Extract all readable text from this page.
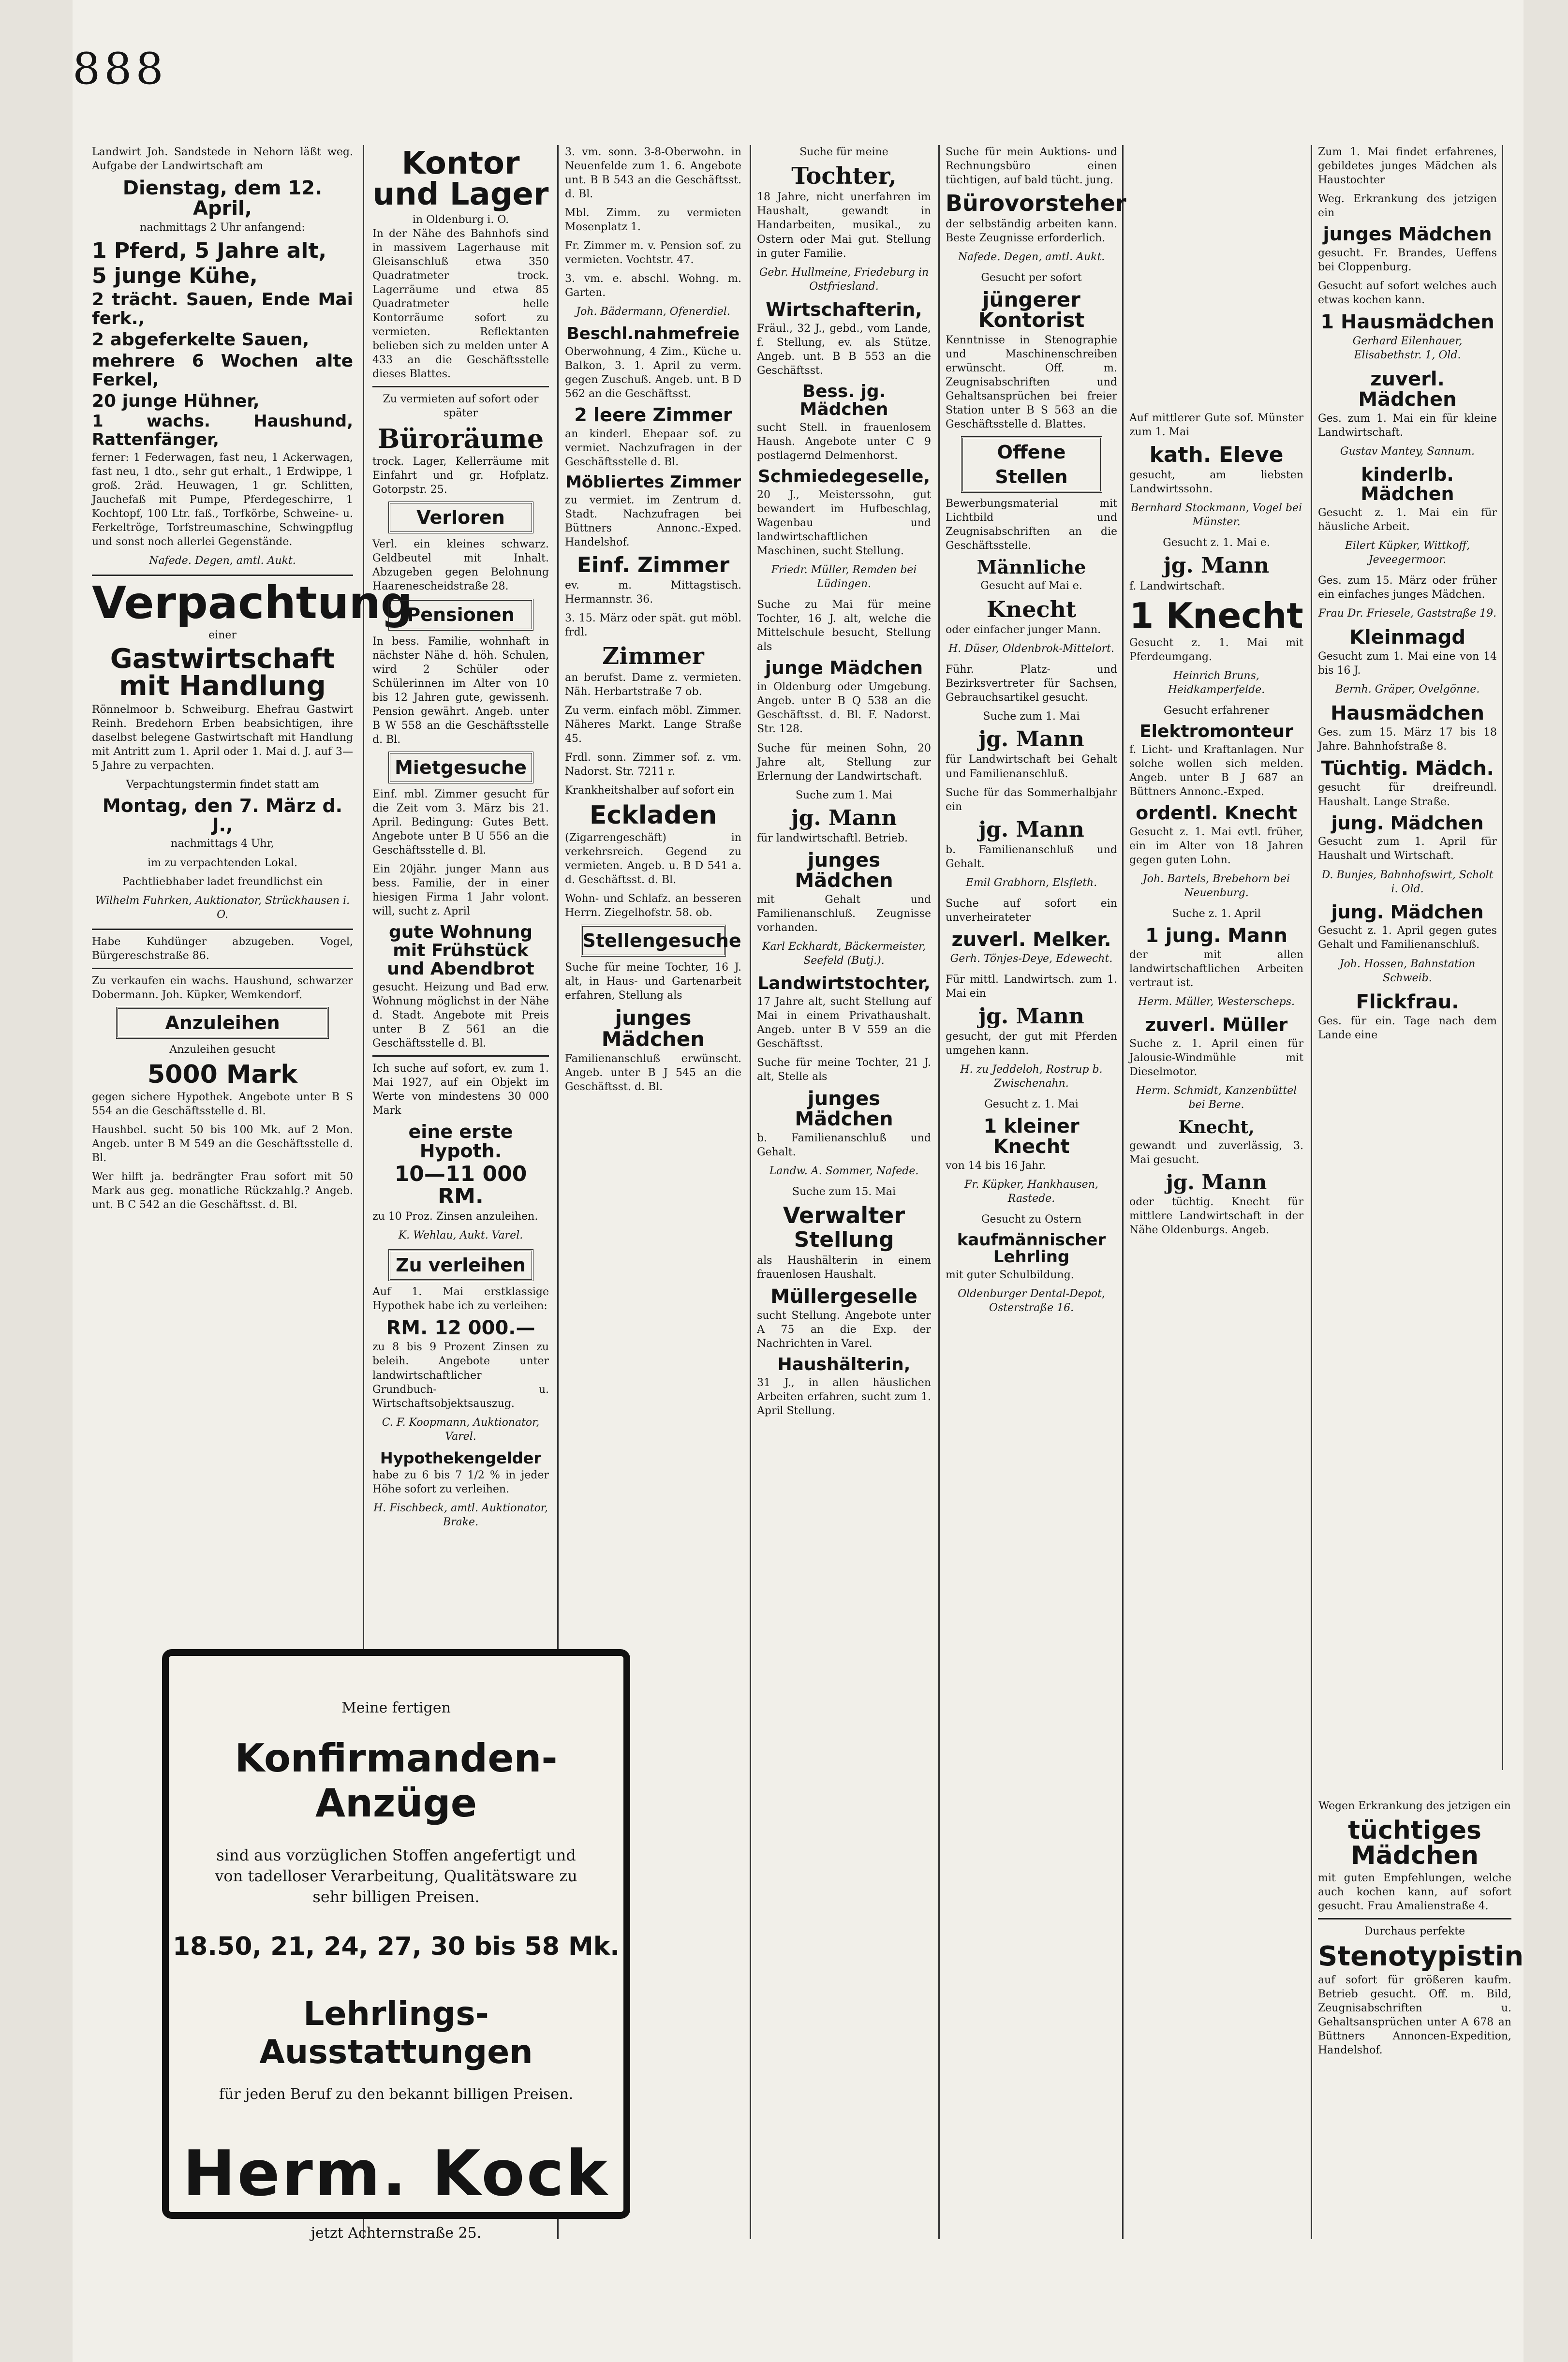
888

Landwirt Joh. Sandstede in Nehorn läßt weg. Aufgabe der Landwirtschaft am

Dienstag, dem 12. April,

nachmittags 2 Uhr anfangend:

1 Pferd, 5 Jahre alt,
5 junge Kühe,
2 trächt. Sauen, Ende Mai ferk.,
2 abgeferkelte Sauen,
mehrere 6 Wochen alte Ferkel,
20 junge Hühner,
1 wachs. Haushund, Rattenfänger,

ferner: 1 Federwagen, fast neu, 1 Ackerwagen, fast neu, 1 dto., sehr gut erhalt., 1 Erdwippe, 1 groß. 2räd. Heuwagen, 1 gr. Schlitten, Jauchefaß mit Pumpe, Pferdegeschirre, 1 Kochtopf, 100 Ltr. faß., Torfkörbe, Schweine- u. Ferkeltröge, Torfstreumaschine, Schwingpflug und sonst noch allerlei Gegenstände.

Nafede. Degen, amtl. Aukt.
Verpachtung
einer
Gastwirtschaft mit Handlung

Rönnelmoor b. Schweiburg. Ehefrau Gastwirt Reinh. Bredehorn Erben beabsichtigen, ihre daselbst belegene Gastwirtschaft mit Handlung mit Antritt zum 1. April oder 1. Mai d. J. auf 3—5 Jahre zu verpachten.

Verpachtungstermin findet statt am

Montag, den 7. März d. J.,

nachmittags 4 Uhr,

im zu verpachtenden Lokal.

Pachtliebhaber ladet freundlichst ein

Wilhelm Fuhrken, Auktionator, Strückhausen i. O.

Habe Kuhdünger abzugeben. Vogel, Bürgereschstraße 86.

Zu verkaufen ein wachs. Haushund, schwarzer Dobermann. Joh. Küpker, Wemkendorf.

Anzuleihen

Anzuleihen gesucht

5000 Mark

gegen sichere Hypothek. Angebote unter B S 554 an die Geschäftsstelle d. Bl.

Haushbel. sucht 50 bis 100 Mk. auf 2 Mon. Angeb. unter B M 549 an die Geschäftsstelle d. Bl.

Wer hilft ja. bedrängter Frau sofort mit 50 Mark aus geg. monatliche Rückzahlg.? Angeb. unt. B C 542 an die Geschäftsst. d. Bl.

Kontor und Lager
in Oldenburg i. O.

In der Nähe des Bahnhofs sind in massivem Lagerhause mit Gleisanschluß etwa 350 Quadratmeter trock. Lagerräume und etwa 85 Quadratmeter helle Kontorräume sofort zu vermieten. Reflektanten belieben sich zu melden unter A 433 an die Geschäftsstelle dieses Blattes.

Zu vermieten auf sofort oder später

Büroräume

trock. Lager, Kellerräume mit Einfahrt und gr. Hofplatz. Gotorpstr. 25.

Verloren

Verl. ein kleines schwarz. Geldbeutel mit Inhalt. Abzugeben gegen Belohnung Haarenescheidstraße 28.

Pensionen

In bess. Familie, wohnhaft in nächster Nähe d. höh. Schulen, wird 2 Schüler oder Schülerinnen im Alter von 10 bis 12 Jahren gute, gewissenh. Pension gewährt. Angeb. unter B W 558 an die Geschäftsstelle d. Bl.

Mietgesuche

Einf. mbl. Zimmer gesucht für die Zeit vom 3. März bis 21. April. Bedingung: Gutes Bett. Angebote unter B U 556 an die Geschäftsstelle d. Bl.

Ein 20jähr. junger Mann aus bess. Familie, der in einer hiesigen Firma 1 Jahr volont. will, sucht z. April

gute Wohnung mit Frühstück und Abendbrot

gesucht. Heizung und Bad erw. Wohnung möglichst in der Nähe d. Stadt. Angebote mit Preis unter B Z 561 an die Geschäftsstelle d. Bl.

Ich suche auf sofort, ev. zum 1. Mai 1927, auf ein Objekt im Werte von mindestens 30 000 Mark

eine erste Hypoth.
10—11 000 RM.

zu 10 Proz. Zinsen anzuleihen.

K. Wehlau, Aukt. Varel.
Zu verleihen

Auf 1. Mai erstklassige Hypothek habe ich zu verleihen:

RM. 12 000.—

zu 8 bis 9 Prozent Zinsen zu beleih. Angebote unter landwirtschaftlicher Grundbuch- u. Wirtschaftsobjektsauszug.

C. F. Koopmann, Auktionator, Varel.
Hypothekengelder

habe zu 6 bis 7 1/2 % in jeder Höhe sofort zu verleihen.

H. Fischbeck, amtl. Auktionator, Brake.

3. vm. sonn. 3-8-Oberwohn. in Neuenfelde zum 1. 6. Angebote unt. B B 543 an die Geschäftsst. d. Bl.

Mbl. Zimm. zu vermieten Mosenplatz 1.

Fr. Zimmer m. v. Pension sof. zu vermieten. Vochtstr. 47.

3. vm. e. abschl. Wohng. m. Garten.

Joh. Bädermann, Ofenerdiel.
Beschl.nahmefreie

Oberwohnung, 4 Zim., Küche u. Balkon, 3. 1. April zu verm. gegen Zuschuß. Angeb. unt. B D 562 an die Geschäftsst.

2 leere Zimmer

an kinderl. Ehepaar sof. zu vermiet. Nachzufragen in der Geschäftsstelle d. Bl.

Möbliertes Zimmer

zu vermiet. im Zentrum d. Stadt. Nachzufragen bei Büttners Annonc.-Exped. Handelshof.

Einf. Zimmer

ev. m. Mittagstisch. Hermannstr. 36.

3. 15. März oder spät. gut möbl. frdl.

Zimmer

an berufst. Dame z. vermieten. Näh. Herbartstraße 7 ob.

Zu verm. einfach möbl. Zimmer. Näheres Markt. Lange Straße 45.

Frdl. sonn. Zimmer sof. z. vm. Nadorst. Str. 7211 r.

Krankheitshalber auf sofort ein

Eckladen

(Zigarrengeschäft) in verkehrsreich. Gegend zu vermieten. Angeb. u. B D 541 a. d. Geschäftsst. d. Bl.

Wohn- und Schlafz. an besseren Herrn. Ziegelhofstr. 58. ob.

Stellengesuche

Suche für meine Tochter, 16 J. alt, in Haus- und Gartenarbeit erfahren, Stellung als

junges Mädchen

Familienanschluß erwünscht. Angeb. unter B J 545 an die Geschäftsst. d. Bl.

Suche für meine

Tochter,

18 Jahre, nicht unerfahren im Haushalt, gewandt in Handarbeiten, musikal., zu Ostern oder Mai gut. Stellung in guter Familie.

Gebr. Hullmeine, Friedeburg in Ostfriesland.
Wirtschafterin,

Fräul., 32 J., gebd., vom Lande, f. Stellung, ev. als Stütze. Angeb. unt. B B 553 an die Geschäftsst.

Bess. jg. Mädchen

sucht Stell. in frauenlosem Haush. Angebote unter C 9 postlagernd Delmenhorst.

Schmiedegeselle,

20 J., Meisterssohn, gut bewandert im Hufbeschlag, Wagenbau und landwirtschaftlichen Maschinen, sucht Stellung.

Friedr. Müller, Remden bei Lüdingen.

Suche zu Mai für meine Tochter, 16 J. alt, welche die Mittelschule besucht, Stellung als

junge Mädchen

in Oldenburg oder Umgebung. Angeb. unter B Q 538 an die Geschäftsst. d. Bl. F. Nadorst. Str. 128.

Suche für meinen Sohn, 20 Jahre alt, Stellung zur Erlernung der Landwirtschaft.

Suche zum 1. Mai

jg. Mann

für landwirtschaftl. Betrieb.

junges Mädchen

mit Gehalt und Familienanschluß. Zeugnisse vorhanden.

Karl Eckhardt, Bäckermeister, Seefeld (Butj.).
Landwirtstochter,

17 Jahre alt, sucht Stellung auf Mai in einem Privathaushalt. Angeb. unter B V 559 an die Geschäftsst.

Suche für meine Tochter, 21 J. alt, Stelle als

junges Mädchen

b. Familienanschluß und Gehalt.

Landw. A. Sommer, Nafede.

Suche zum 15. Mai

Verwalter
Stellung

als Haushälterin in einem frauenlosen Haushalt.

Müllergeselle

sucht Stellung. Angebote unter A 75 an die Exp. der Nachrichten in Varel.

Haushälterin,

31 J., in allen häuslichen Arbeiten erfahren, sucht zum 1. April Stellung.

Suche für mein Auktions- und Rechnungsbüro einen tüchtigen, auf bald tücht. jung.

Bürovorsteher

der selbständig arbeiten kann. Beste Zeugnisse erforderlich.

Nafede. Degen, amtl. Aukt.

Gesucht per sofort

jüngerer Kontorist

Kenntnisse in Stenographie und Maschinenschreiben erwünscht. Off. m. Zeugnisabschriften und Gehaltsansprüchen bei freier Station unter B S 563 an die Geschäftsstelle d. Blattes.

Offene Stellen

Bewerbungsmaterial mit Lichtbild und Zeugnisabschriften an die Geschäftsstelle.

Männliche

Gesucht auf Mai e.

Knecht

oder einfacher junger Mann.

H. Düser, Oldenbrok-Mittelort.

Führ. Platz- und Bezirksvertreter für Sachsen, Gebrauchsartikel gesucht.

Suche zum 1. Mai

jg. Mann

für Landwirtschaft bei Gehalt und Familienanschluß.

Suche für das Sommerhalbjahr ein

jg. Mann

b. Familienanschluß und Gehalt.

Emil Grabhorn, Elsfleth.

Suche auf sofort ein unverheirateter

zuverl. Melker.
Gerh. Tönjes-Deye, Edewecht.

Für mittl. Landwirtsch. zum 1. Mai ein

jg. Mann

gesucht, der gut mit Pferden umgehen kann.

H. zu Jeddeloh, Rostrup b. Zwischenahn.

Gesucht z. 1. Mai

1 kleiner Knecht

von 14 bis 16 Jahr.

Fr. Küpker, Hankhausen, Rastede.

Gesucht zu Ostern

kaufmännischer Lehrling

mit guter Schulbildung.

Oldenburger Dental-Depot, Osterstraße 16.

Auf mittlerer Gute sof. Münster zum 1. Mai

kath. Eleve

gesucht, am liebsten Landwirtssohn.

Bernhard Stockmann, Vogel bei Münster.

Gesucht z. 1. Mai e.

jg. Mann

f. Landwirtschaft.

1 Knecht

Gesucht z. 1. Mai mit Pferdeumgang.

Heinrich Bruns, Heidkamperfelde.

Gesucht erfahrener

Elektromonteur

f. Licht- und Kraftanlagen. Nur solche wollen sich melden. Angeb. unter B J 687 an Büttners Annonc.-Exped.

ordentl. Knecht

Gesucht z. 1. Mai evtl. früher, ein im Alter von 18 Jahren gegen guten Lohn.

Joh. Bartels, Brebehorn bei Neuenburg.

Suche z. 1. April

1 jung. Mann

der mit allen landwirtschaftlichen Arbeiten vertraut ist.

Herm. Müller, Westerscheps.
zuverl. Müller

Suche z. 1. April einen für Jalousie-Windmühle mit Dieselmotor.

Herm. Schmidt, Kanzenbüttel bei Berne.
Knecht,

gewandt und zuverlässig, 3. Mai gesucht.

jg. Mann

oder tüchtig. Knecht für mittlere Landwirtschaft in der Nähe Oldenburgs. Angeb.

Zum 1. Mai findet erfahrenes, gebildetes junges Mädchen als Haustochter

Weg. Erkrankung des jetzigen ein

junges Mädchen

gesucht. Fr. Brandes, Ueffens bei Cloppenburg.

Gesucht auf sofort welches auch etwas kochen kann.

1 Hausmädchen
Gerhard Eilenhauer, Elisabethstr. 1, Old.
zuverl. Mädchen

Ges. zum 1. Mai ein für kleine Landwirtschaft.

Gustav Mantey, Sannum.
kinderlb. Mädchen

Gesucht z. 1. Mai ein für häusliche Arbeit.

Eilert Küpker, Wittkoff, Jeveegermoor.

Ges. zum 15. März oder früher ein einfaches junges Mädchen.

Frau Dr. Friesele, Gaststraße 19.
Kleinmagd

Gesucht zum 1. Mai eine von 14 bis 16 J.

Bernh. Gräper, Ovelgönne.
Hausmädchen

Ges. zum 15. März 17 bis 18 Jahre. Bahnhofstraße 8.

Tüchtig. Mädch.

gesucht für dreifreundl. Haushalt. Lange Straße.

jung. Mädchen

Gesucht zum 1. April für Haushalt und Wirtschaft.

D. Bunjes, Bahnhofswirt, Scholt i. Old.
jung. Mädchen

Gesucht z. 1. April gegen gutes Gehalt und Familienanschluß.

Joh. Hossen, Bahnstation Schweib.
Flickfrau.

Ges. für ein. Tage nach dem Lande eine

Wegen Erkrankung des jetzigen ein

tüchtiges Mädchen

mit guten Empfehlungen, welche auch kochen kann, auf sofort gesucht. Frau Amalienstraße 4.

Durchaus perfekte

Stenotypistin

auf sofort für größeren kaufm. Betrieb gesucht. Off. m. Bild, Zeugnisabschriften u. Gehaltsansprüchen unter A 678 an Büttners Annoncen-Expedition, Handelshof.

Meine fertigen
Konfirmanden-Anzüge
sind aus vorzüglichen Stoffen angefertigt und von tadelloser Verarbeitung, Qualitätsware zu sehr billigen Preisen.
18.50, 21, 24, 27, 30 bis 58 Mk.
Lehrlings-Ausstattungen
für jeden Beruf zu den bekannt billigen Preisen.
Herm. Kock
jetzt Achternstraße 25.
